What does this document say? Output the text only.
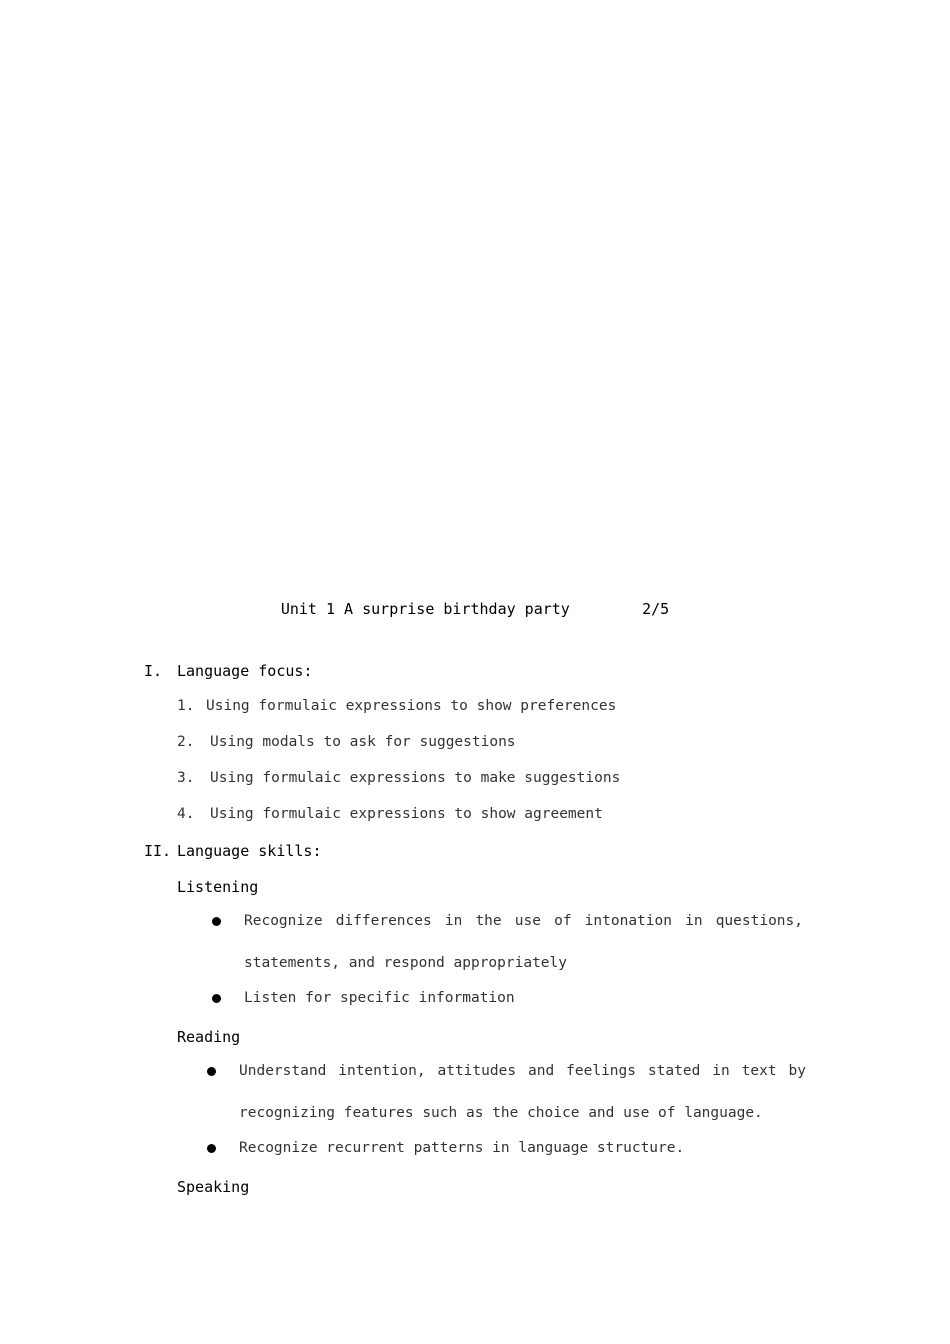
Unit 1 A surprise birthday party	2/5
I. Language focus:
1. Using formulaic expressions to show preferences
2. Using modals to ask for suggestions
3. Using formulaic expressions to make suggestions
4. Using formulaic expressions to show agreement
II. Language skills:
Listening
Recognize differences in the use of intonation in questions,
statements, and respond appropriately
Listen for specific information
Reading
Understand intention, attitudes and feelings stated in text by
recognizing features such as the choice and use of language.
Recognize recurrent patterns in language structure.
Speaking
